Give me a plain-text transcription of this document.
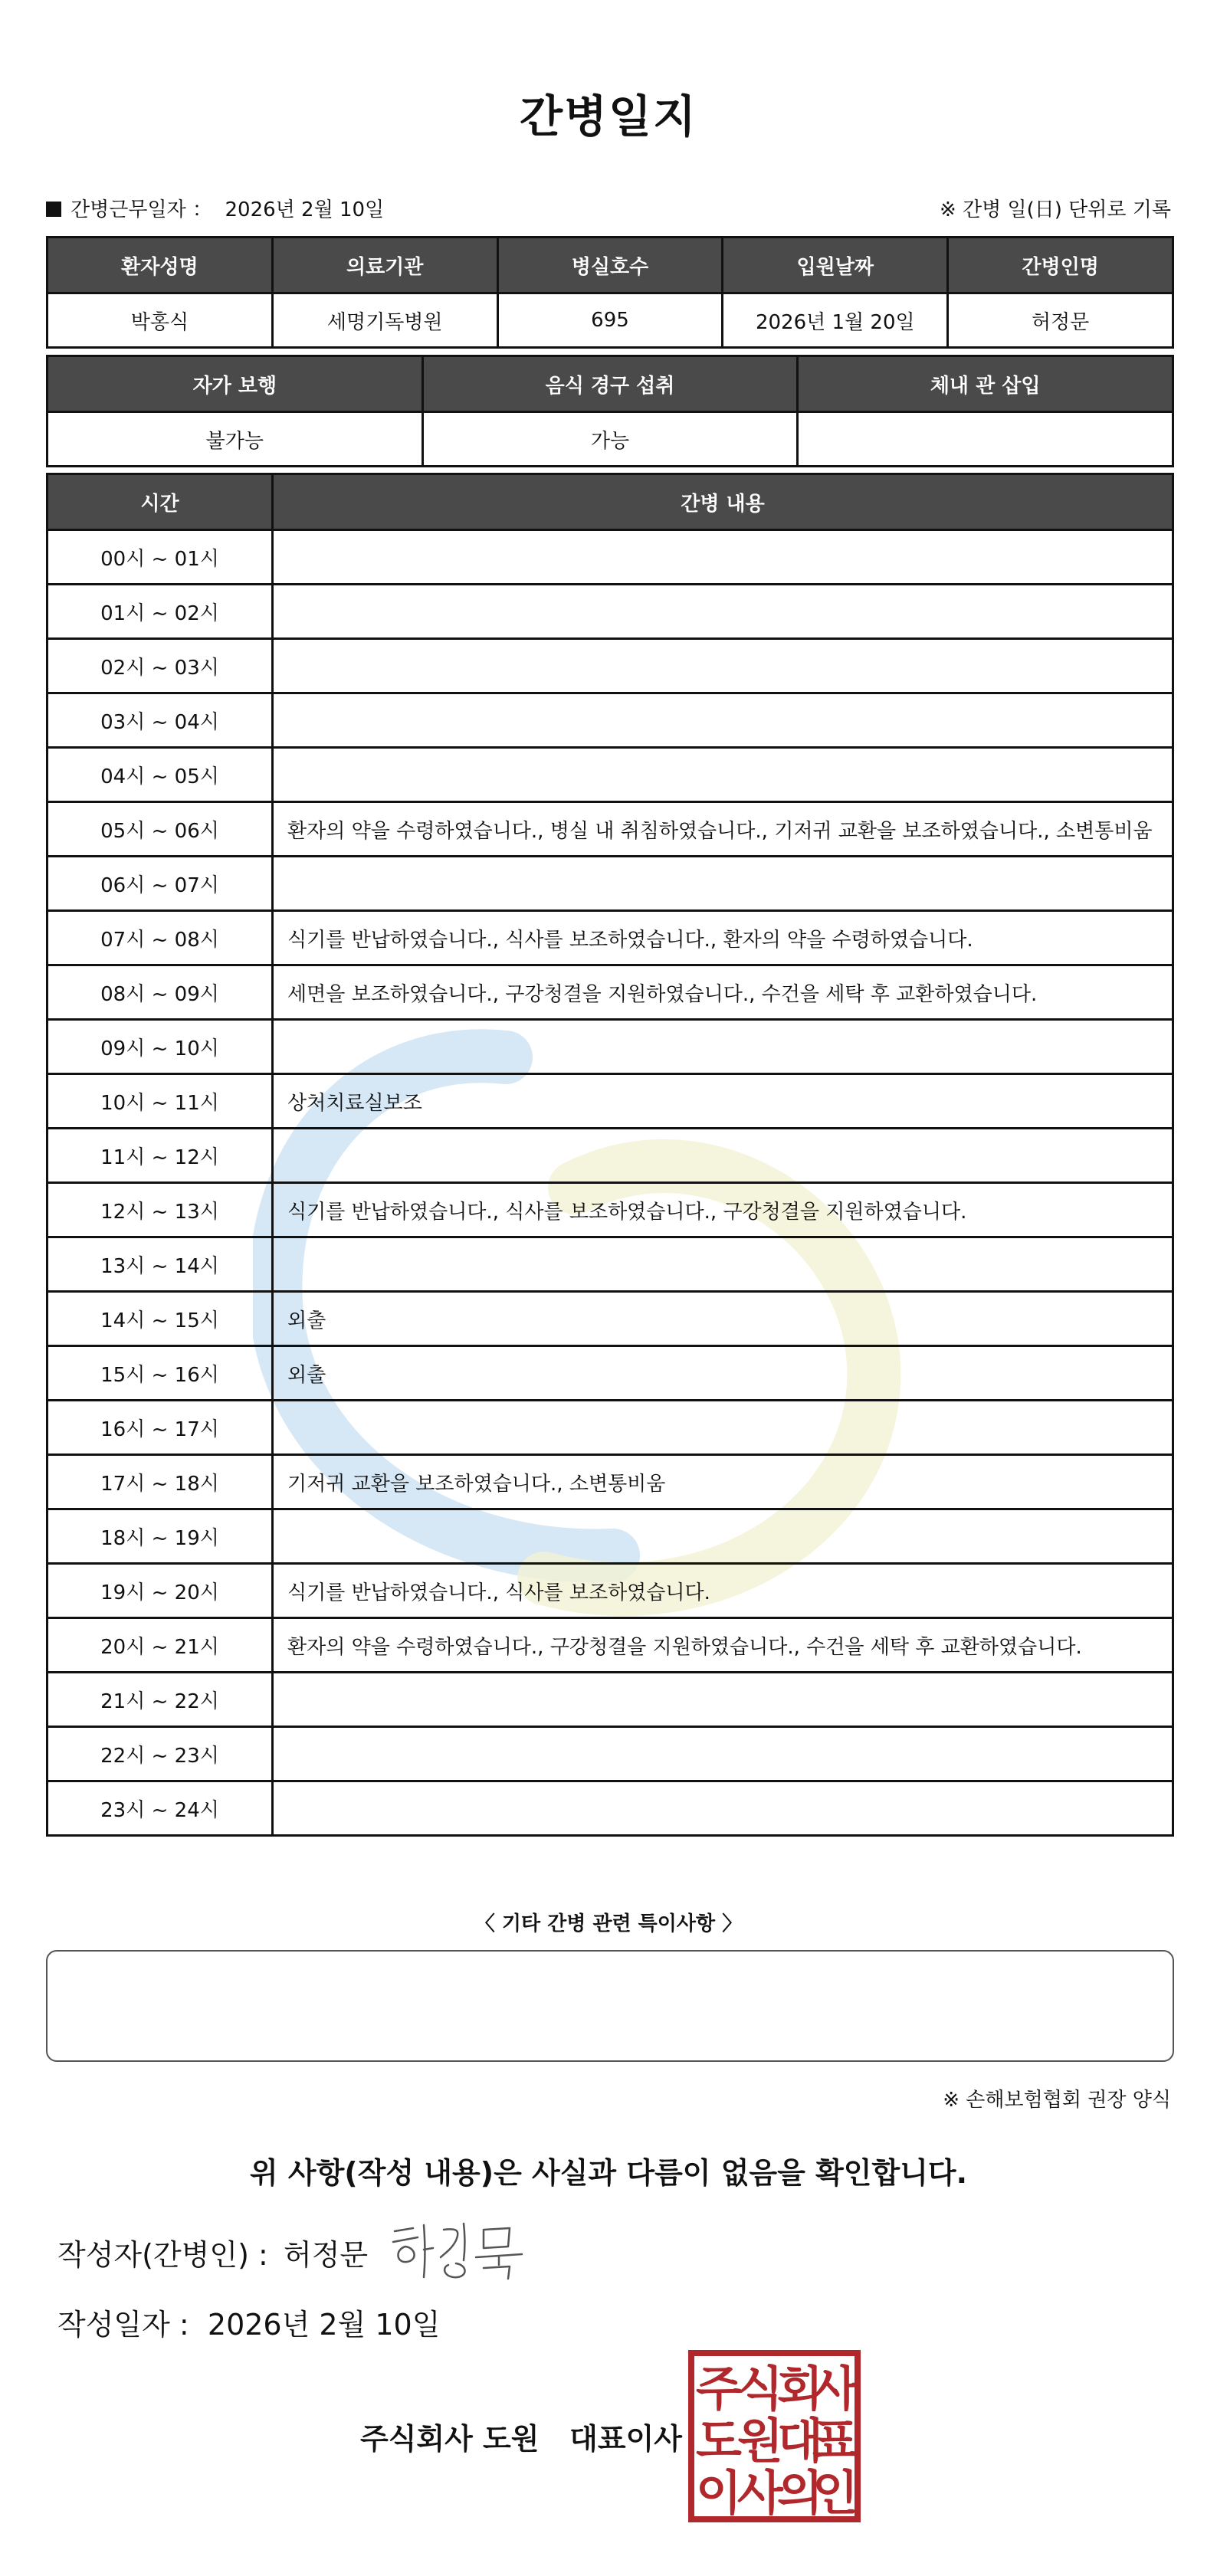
간병일지
간병근무일자 ： 2026년 2월 10일	※ 간병 일(日) 단위로 기록
환자성명	의료기관	병실호수	입원날짜	간병인명
박홍식	세명기독병원	695	2026년 1월 20일	허정문
자가 보행	음식 경구 섭취	체내 관 삽입
불가능	가능	
시간	간병 내용
00시 ~ 01시	
01시 ~ 02시	
02시 ~ 03시	
03시 ~ 04시	
04시 ~ 05시	
05시 ~ 06시	환자의 약을 수령하였습니다., 병실 내 취침하였습니다., 기저귀 교환을 보조하였습니다., 소변통비움
06시 ~ 07시	
07시 ~ 08시	식기를 반납하였습니다., 식사를 보조하였습니다., 환자의 약을 수령하였습니다.
08시 ~ 09시	세면을 보조하였습니다., 구강청결을 지원하였습니다., 수건을 세탁 후 교환하였습니다.
09시 ~ 10시	
10시 ~ 11시	상처치료실보조
11시 ~ 12시	
12시 ~ 13시	식기를 반납하였습니다., 식사를 보조하였습니다., 구강청결을 지원하였습니다.
13시 ~ 14시	
14시 ~ 15시	외출
15시 ~ 16시	외출
16시 ~ 17시	
17시 ~ 18시	기저귀 교환을 보조하였습니다., 소변통비움
18시 ~ 19시	
19시 ~ 20시	식기를 반납하였습니다., 식사를 보조하였습니다.
20시 ~ 21시	환자의 약을 수령하였습니다., 구강청결을 지원하였습니다., 수건을 세탁 후 교환하였습니다.
21시 ~ 22시	
22시 ~ 23시	
23시 ~ 24시	
〈 기타 간병 관련 특이사항 〉
※ 손해보험협회 권장 양식
위 사항(작성 내용)은 사실과 다름이 없음을 확인합니다.
작성자(간병인) : 허정문
작성일자 : 2026년 2월 10일
주식회사 도원   대표이사
주
식
회
사
도
원
대
표
이
사
의
인
